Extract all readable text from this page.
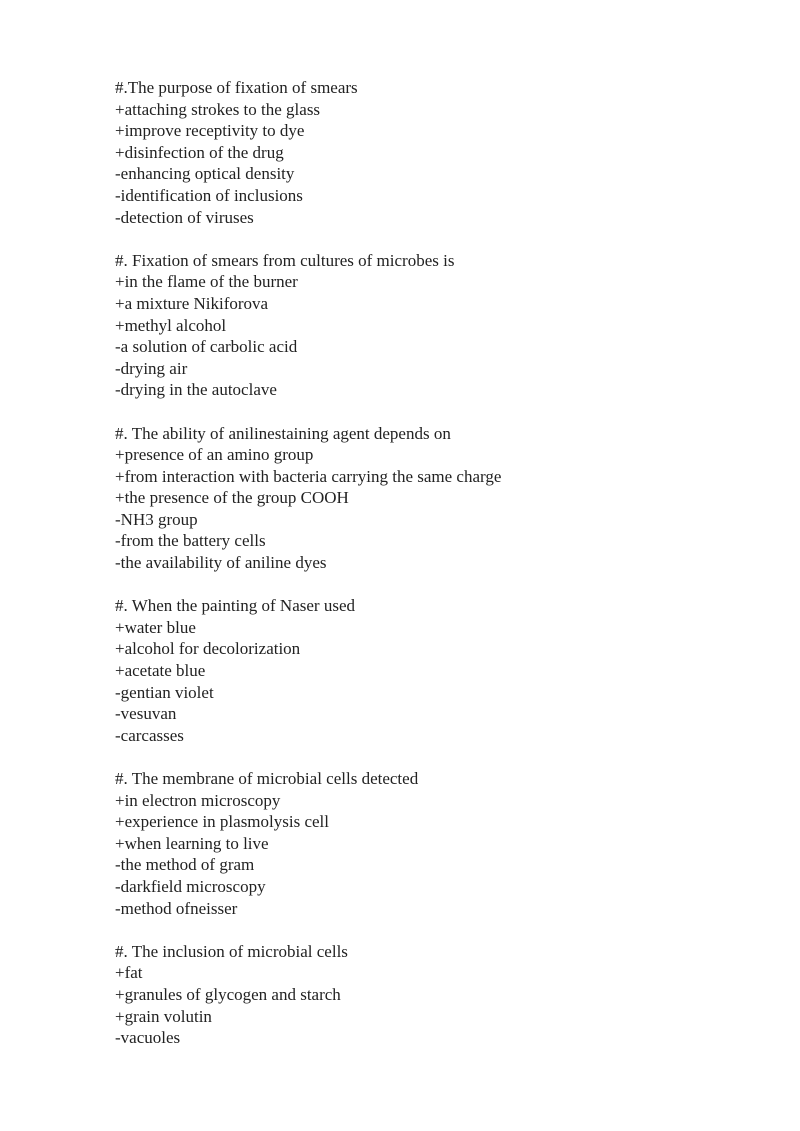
#.The purpose of fixation of smears
+attaching strokes to the glass
+improve receptivity to dye
+disinfection of the drug
-enhancing optical density
-identification of inclusions
-detection of viruses
#. Fixation of smears from cultures of microbes is
+in the flame of the burner
+a mixture Nikiforova
+methyl alcohol
-a solution of carbolic acid
-drying air
-drying in the autoclave
#. The ability of anilinestaining agent depends on
+presence of an amino group
+from interaction with bacteria carrying the same charge
+the presence of the group COOH
-NH3 group
-from the battery cells
-the availability of aniline dyes
#. When the painting of Naser used
+water blue
+alcohol for decolorization
+acetate blue
-gentian violet
-vesuvan
-carcasses
#. The membrane of microbial cells detected
+in electron microscopy
+experience in plasmolysis cell
+when learning to live
-the method of gram
-darkfield microscopy
-method ofneisser
#. The inclusion of microbial cells
+fat
+granules of glycogen and starch
+grain volutin
-vacuoles
